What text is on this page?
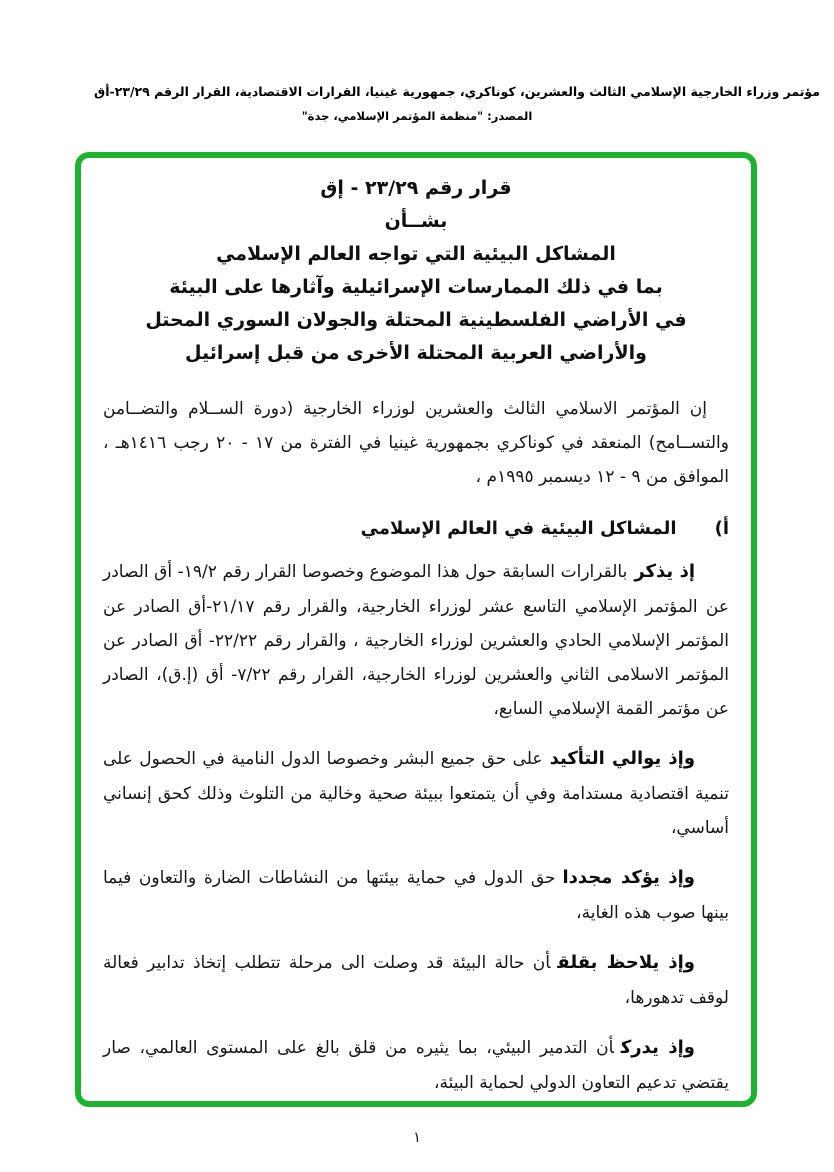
مؤتمر وزراء الخارجية الإسلامي الثالث والعشرين، كوناكري، جمهورية غينيا، القرارات الاقتصادية، القرار الرقم ٢٣/٢٩-أق
المصدر: "منظمة المؤتمر الإسلامي، جدة"
قرار رقم ٢٣/٢٩ - إق
بشــأن
المشاكل البيئية التي تواجه العالم الإسلامي
بما في ذلك الممارسات الإسرائيلية وآثارها على البيئة
في الأراضي الفلسطينية المحتلة والجولان السوري المحتل
والأراضي العربية المحتلة الأخرى من قبل إسرائيل

إن المؤتمر الاسلامي الثالث والعشرين لوزراء الخارجية (دورة الســلام والتضــامن والتســامح) المنعقد في كوناكري بجمهورية غينيا في الفترة من ١٧ - ٢٠ رجب ١٤١٦هـ ، الموافق من ٩ - ١٢ ديسمبر ١٩٩٥م ،

أ)المشاكل البيئية في العالم الإسلامي

إذ يذكربالقرارات السابقة حول هذا الموضوع وخصوصا القرار رقم ١٩/٢- أق الصادر عن المؤتمر الإسلامي التاسع عشر لوزراء الخارجية، والقرار رقم ٢١/١٧-أق الصادر عن المؤتمر الإسلامي الحادي والعشرين لوزراء الخارجية ، والقرار رقم ٢٢/٢٢- أق الصادر عن المؤتمر الاسلامى الثاني والعشرين لوزراء الخارجية، القرار رقم ٧/٢٢- أق (إ.ق)، الصادر عن مؤتمر القمة الإسلامي السابع،

وإذ يوالي التأكيدعلى حق جميع البشر وخصوصا الدول النامية في الحصول على تنمية اقتصادية مستدامة وفي أن يتمتعوا ببيئة صحية وخالية من التلوث وذلك كحق إنساني أساسي،

وإذ يؤكد مجدداحق الدول في حماية بيئتها من النشاطات الضارة والتعاون فيما بينها صوب هذه الغاية،

وإذ يلاحظ بقلقأن حالة البيئة قد وصلت الى مرحلة تتطلب إتخاذ تدابير فعالة لوقف تدهورها،

وإذ يدركأن التدمير البيئي، بما يثيره من قلق بالغ على المستوى العالمي، صار يقتضي تدعيم التعاون الدولي لحماية البيئة،

١
